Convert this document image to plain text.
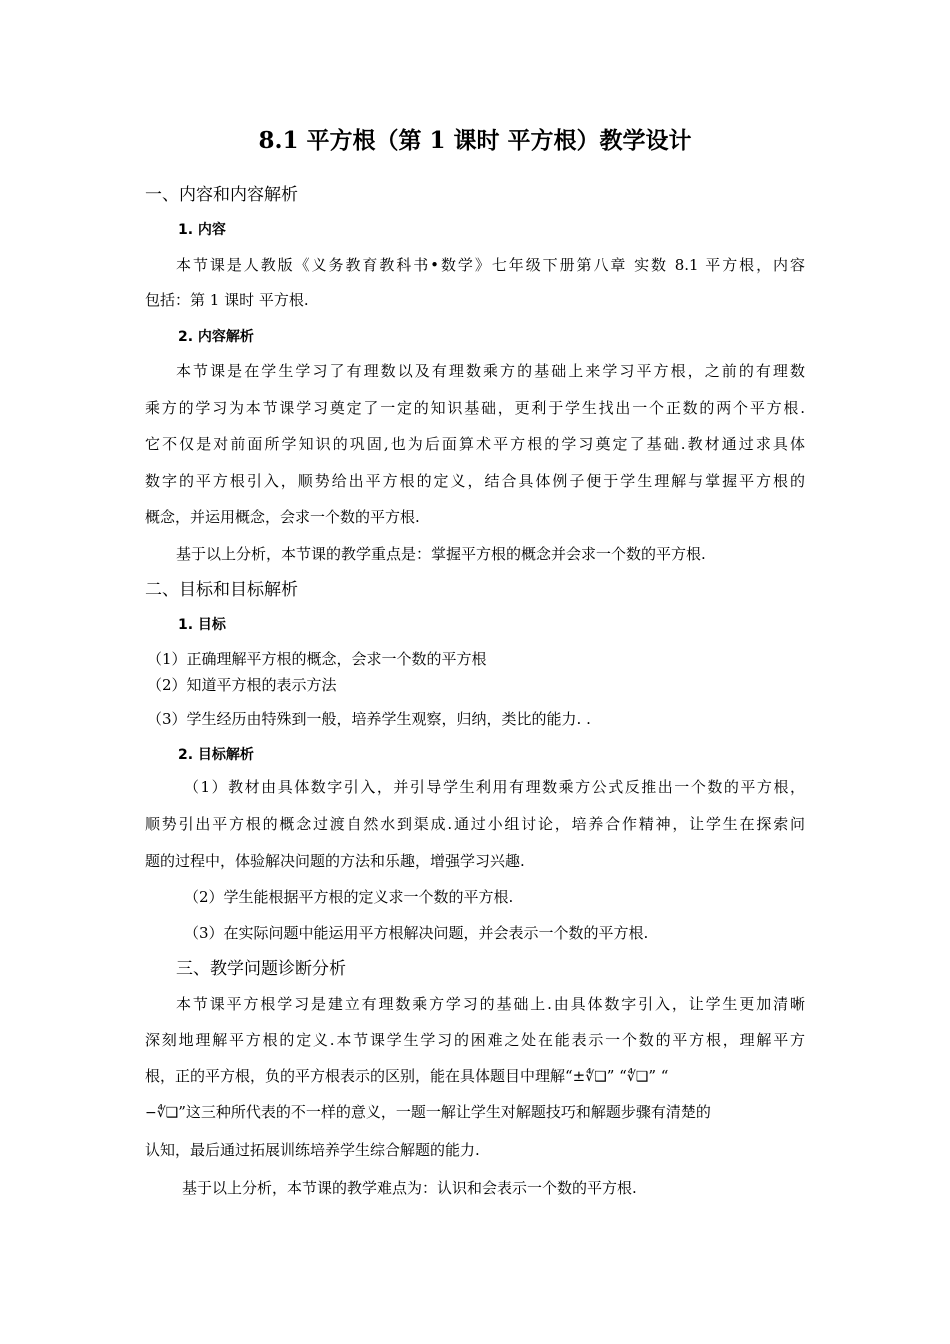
8.1 平方根（第 1 课时 平方根）教学设计
一、内容和内容解析
1. 内容
本节课是人教版《义务教育教科书•数学》七年级下册第八章 实数 8.1 平方根，内容
包括：第 1 课时 平方根.
2. 内容解析
本节课是在学生学习了有理数以及有理数乘方的基础上来学习平方根，之前的有理数
乘方的学习为本节课学习奠定了一定的知识基础，更利于学生找出一个正数的两个平方根.
它不仅是对前面所学知识的巩固,也为后面算术平方根的学习奠定了基础.教材通过求具体
数字的平方根引入，顺势给出平方根的定义，结合具体例子便于学生理解与掌握平方根的
概念，并运用概念，会求一个数的平方根.
基于以上分析，本节课的教学重点是：掌握平方根的概念并会求一个数的平方根.
二、目标和目标解析
1. 目标
（1）正确理解平方根的概念，会求一个数的平方根
（2）知道平方根的表示方法
（3）学生经历由特殊到一般，培养学生观察，归纳，类比的能力. .
2. 目标解析
（1）教材由具体数字引入，并引导学生利用有理数乘方公式反推出一个数的平方根，
顺势引出平方根的概念过渡自然水到渠成.通过小组讨论，培养合作精神，让学生在探索问
题的过程中，体验解决问题的方法和乐趣，增强学习兴趣.
（2）学生能根据平方根的定义求一个数的平方根.
（3）在实际问题中能运用平方根解决问题，并会表示一个数的平方根.
三、教学问题诊断分析
本节课平方根学习是建立有理数乘方学习的基础上.由具体数字引入，让学生更加清晰
深刻地理解平方根的定义.本节课学生学习的困难之处在能表示一个数的平方根，理解平方
根，正的平方根，负的平方根表示的区别，能在具体题目中理解“±∜❑” “∜❑” “
−∜❑”这三种所代表的不一样的意义，一题一解让学生对解题技巧和解题步骤有清楚的
认知，最后通过拓展训练培养学生综合解题的能力.
基于以上分析，本节课的教学难点为：认识和会表示一个数的平方根.
